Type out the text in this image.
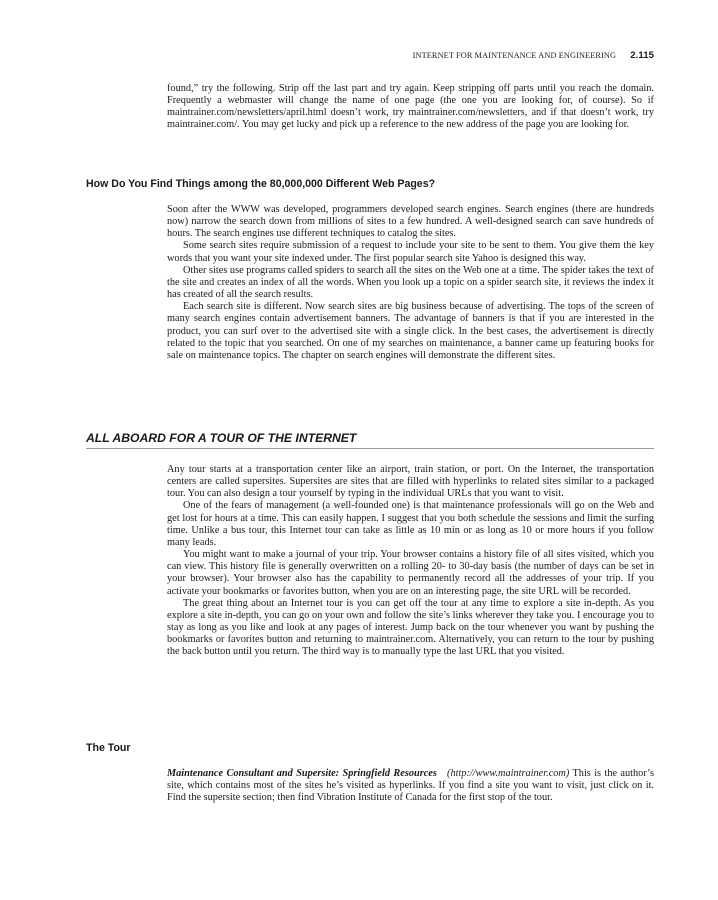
INTERNET FOR MAINTENANCE AND ENGINEERING 2.115

found,” try the following. Strip off the last part and try again. Keep stripping off parts until you reach the domain. Frequently a webmaster will change the name of one page (the one you are looking for, of course). So if maintrainer.com/newsletters/april.html doesn’t work, try maintrainer.com/newsletters, and if that doesn’t work, try maintrainer.com/. You may get lucky and pick up a reference to the new address of the page you are looking for.

How Do You Find Things among the 80,000,000 Different Web Pages?

Soon after the WWW was developed, programmers developed search engines. Search engines (there are hundreds now) narrow the search down from millions of sites to a few hundred. A well-designed search can save hundreds of hours. The search engines use different techniques to catalog the sites.

Some search sites require submission of a request to include your site to be sent to them. You give them the key words that you want your site indexed under. The first popular search site Yahoo is designed this way.

Other sites use programs called spiders to search all the sites on the Web one at a time. The spider takes the text of the site and creates an index of all the words. When you look up a topic on a spider search site, it reviews the index it has created of all the search results.

Each search site is different. Now search sites are big business because of advertising. The tops of the screen of many search engines contain advertisement banners. The advantage of banners is that if you are interested in the product, you can surf over to the advertised site with a single click. In the best cases, the advertisement is directly related to the topic that you searched. On one of my searches on maintenance, a banner came up featuring books for sale on maintenance topics. The chapter on search engines will demonstrate the different sites.

ALL ABOARD FOR A TOUR OF THE INTERNET

Any tour starts at a transportation center like an airport, train station, or port. On the Internet, the transportation centers are called supersites. Supersites are sites that are filled with hyperlinks to related sites similar to a packaged tour. You can also design a tour yourself by typing in the individual URLs that you want to visit.

One of the fears of management (a well-founded one) is that maintenance professionals will go on the Web and get lost for hours at a time. This can easily happen. I suggest that you both schedule the sessions and limit the surfing time. Unlike a bus tour, this Internet tour can take as little as 10 min or as long as 10 or more hours if you follow many leads.

You might want to make a journal of your trip. Your browser contains a history file of all sites visited, which you can view. This history file is generally overwritten on a rolling 20- to 30-day basis (the number of days can be set in your browser). Your browser also has the capability to permanently record all the addresses of your trip. If you activate your bookmarks or favorites button, when you are on an interesting page, the site URL will be recorded.

The great thing about an Internet tour is you can get off the tour at any time to explore a site in-depth. As you explore a site in-depth, you can go on your own and follow the site’s links wherever they take you. I encourage you to stay as long as you like and look at any pages of interest. Jump back on the tour whenever you want by pushing the bookmarks or favorites button and returning to maintrainer.com. Alternatively, you can return to the tour by pushing the back button until you return. The third way is to manually type the last URL that you visited.

The Tour

Maintenance Consultant and Supersite: Springfield Resources (http://www.maintrainer.com) This is the author’s site, which contains most of the sites he’s visited as hyperlinks. If you find a site you want to visit, just click on it. Find the supersite section; then find Vibration Institute of Canada for the first stop of the tour.
